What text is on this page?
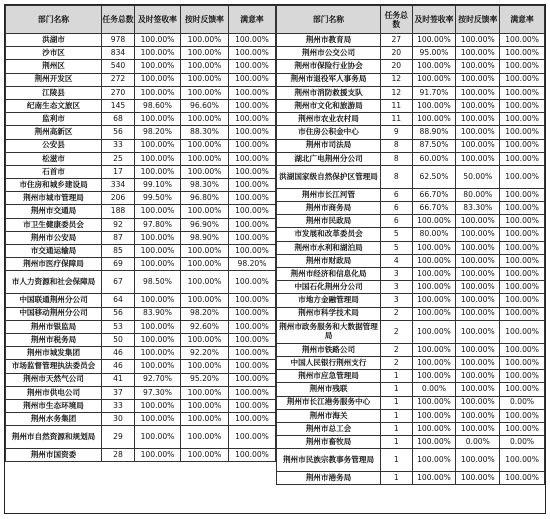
部门名称	任务总数	及时签收率	按时反馈率	满意率
洪湖市	978	100.00%	100.00%	100.00%
沙市区	834	100.00%	100.00%	100.00%
荆州区	540	100.00%	100.00%	100.00%
荆州开发区	272	100.00%	100.00%	100.00%
江陵县	270	100.00%	100.00%	100.00%
纪南生态文旅区	145	98.60%	96.60%	100.00%
监利市	68	100.00%	100.00%	100.00%
荆州高新区	56	98.20%	88.30%	100.00%
公安县	33	100.00%	100.00%	100.00%
松滋市	25	100.00%	100.00%	100.00%
石首市	17	100.00%	100.00%	100.00%
市住房和城乡建设局	334	99.10%	98.30%	100.00%
荆州市城市管理局	206	99.50%	96.80%	100.00%
荆州市交通局	188	100.00%	100.00%	100.00%
市卫生健康委员会	92	97.80%	96.90%	100.00%
荆州市公安局	87	100.00%	98.90%	100.00%
市交通运输局	85	100.00%	100.00%	100.00%
荆州市医疗保障局	69	100.00%	100.00%	98.20%
市人力资源和社会保障局	67	98.50%	100.00%	100.00%
中国联通荆州分公司	64	100.00%	100.00%	100.00%
中国移动荆州分公司	56	83.90%	98.20%	100.00%
荆州市银监局	53	100.00%	92.60%	100.00%
荆州市税务局	50	100.00%	100.00%	100.00%
荆州市城发集团	46	100.00%	92.20%	100.00%
市场监督管理执法委员会	46	100.00%	100.00%	100.00%
荆州市天然气公司	41	92.70%	95.20%	100.00%
荆州市供电公司	37	97.30%	100.00%	100.00%
荆州市生态环境局	33	100.00%	100.00%	100.00%
荆州水务集团	30	100.00%	100.00%	100.00%
荆州市自然资源和规划局	29	100.00%	100.00%	100.00%
荆州市国资委	28	100.00%	100.00%	100.00%
部门名称	任务总数	及时签收率	按时反馈率	满意率
荆州市教育局	27	100.00%	100.00%	100.00%
荆州市公交公司	20	95.00%	100.00%	100.00%
荆州市保险行业协会	20	100.00%	100.00%	100.00%
荆州市退役军人事务局	12	100.00%	100.00%	100.00%
荆州市消防救援支队	12	91.70%	100.00%	100.00%
荆州市文化和旅游局	11	100.00%	100.00%	100.00%
荆州市农业农村局	11	100.00%	100.00%	100.00%
市住房公积金中心	9	88.90%	100.00%	100.00%
荆州市司法局	8	87.50%	100.00%	100.00%
湖北广电荆州分公司	8	60.00%	100.00%	100.00%
洪湖国家级自然保护区管理局	8	62.50%	50.00%	100.00%
荆州市长江河管	6	66.70%	80.00%	100.00%
荆州市商务局	6	66.70%	83.30%	100.00%
荆州市民政局	6	100.00%	100.00%	100.00%
市发展和改革委员会	5	80.00%	100.00%	100.00%
荆州市水利和湖泊局	5	100.00%	100.00%	100.00%
荆州市财政局	4	100.00%	100.00%	100.00%
荆州市经济和信息化局	3	100.00%	100.00%	100.00%
中国石化荆州分公司	3	100.00%	100.00%	100.00%
市地方金融管理局	3	100.00%	100.00%	100.00%
荆州市科学技术局	2	100.00%	100.00%	100.00%
荆州市政务服务和大数据管理局	2	100.00%	100.00%	100.00%
荆州市铁路公司	2	100.00%	100.00%	100.00%
中国人民银行荆州支行	2	100.00%	100.00%	100.00%
荆州市应急管理局	1	100.00%	100.00%	100.00%
荆州市残联	1	0.00%	100.00%	100.00%
荆州市长江港务服务中心	1	100.00%	100.00%	0.00%
荆州市海关	1	100.00%	100.00%	100.00%
荆州市总工会	1	100.00%	100.00%	100.00%
荆州市畜牧局	1	100.00%	0.00%	0.00%
荆州市民族宗教事务管理局	1	100.00%	100.00%	100.00%
荆州市港务局	1	100.00%	100.00%	100.00%
